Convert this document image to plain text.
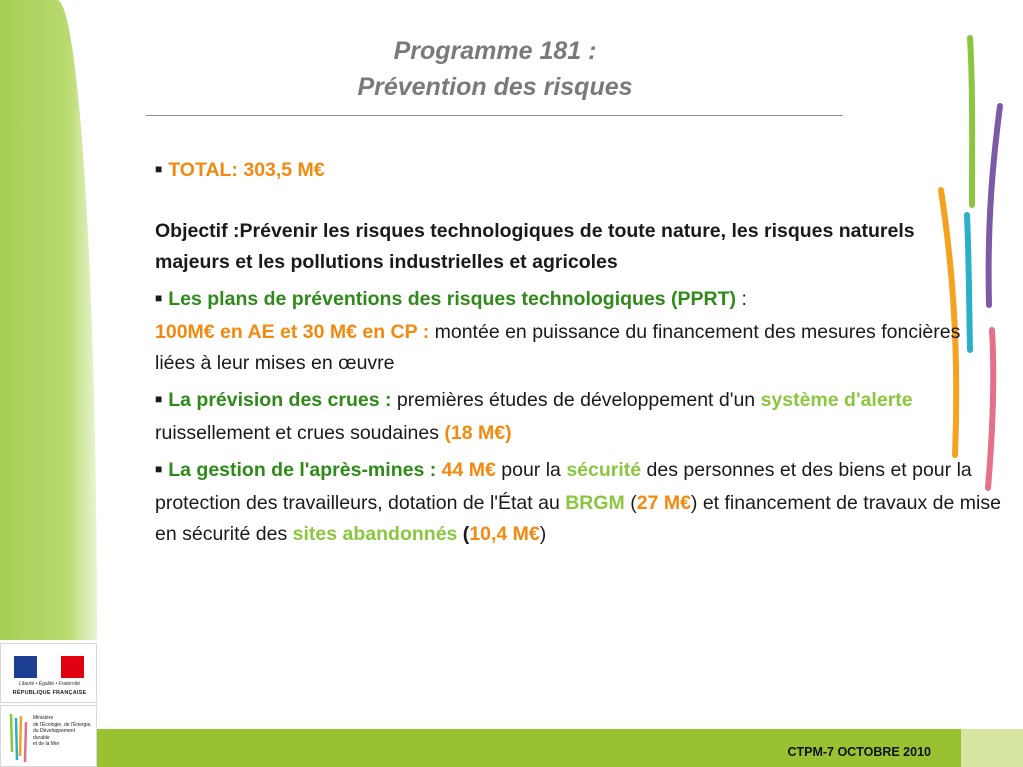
Programme 181 :
Prévention des risques

■ TOTAL: 303,5 M€

Objectif :Prévenir les risques technologiques de toute nature, les risques naturels majeurs et les pollutions industrielles et agricoles

■ Les plans de préventions des risques technologiques (PPRT) :
100M€ en AE et 30 M€ en CP : montée en puissance du financement des mesures foncières liées à leur mises en œuvre

■ La prévision des crues : premières études de développement d'un système d'alerte ruissellement et crues soudaines (18 M€)

■ La gestion de l'après-mines : 44 M€ pour la sécurité des personnes et des biens et pour la protection des travailleurs, dotation de l'État au BRGM (27 M€) et financement de travaux de mise en sécurité des sites abandonnés (10,4 M€)

Liberté • Égalité • Fraternité
RÉPUBLIQUE FRANÇAISE
Ministère
de l'Écologie, de l'Énergie,
du Développement
durable
et de la Mer
CTPM-7 OCTOBRE 2010
